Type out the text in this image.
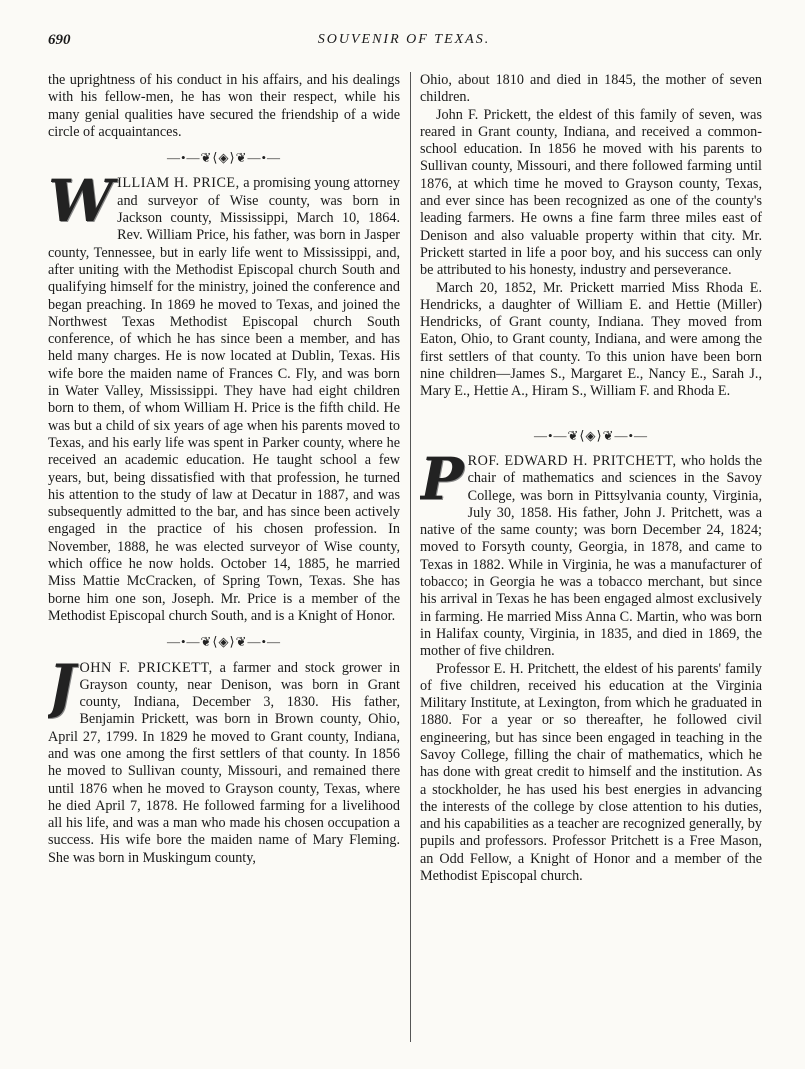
690	SOUVENIR OF TEXAS.

the uprightness of his conduct in his affairs, and his dealings with his fellow-men, he has won their respect, while his many genial qualities have secured the friendship of a wide circle of acquaintances.

—•—❦⟨◈⟩❦—•—
W ILLIAM H. PRICE, a promising young attorney and surveyor of Wise county, was born in Jackson county, Mississippi, March 10, 1864. Rev. William Price, his father, was born in Jasper county, Tennessee, but in early life went to Mississippi, and, after uniting with the Methodist Episcopal church South and qualifying himself for the ministry, joined the conference and began preaching. In 1869 he moved to Texas, and joined the Northwest Texas Methodist Episcopal church South conference, of which he has since been a member, and has held many charges. He is now located at Dublin, Texas. His wife bore the maiden name of Frances C. Fly, and was born in Water Valley, Mississippi. They have had eight children born to them, of whom William H. Price is the fifth child. He was but a child of six years of age when his parents moved to Texas, and his early life was spent in Parker county, where he received an academic education. He taught school a few years, but, being dissatisfied with that profession, he turned his attention to the study of law at Decatur in 1887, and was subsequently admitted to the bar, and has since been actively engaged in the practice of his chosen profession. In November, 1888, he was elected surveyor of Wise county, which office he now holds. October 14, 1885, he married Miss Mattie McCracken, of Spring Town, Texas. She has borne him one son, Joseph. Mr. Price is a member of the Methodist Episcopal church South, and is a Knight of Honor.

—•—❦⟨◈⟩❦—•—
J OHN F. PRICKETT, a farmer and stock grower in Grayson county, near Denison, was born in Grant county, Indiana, December 3, 1830. His father, Benjamin Prickett, was born in Brown county, Ohio, April 27, 1799. In 1829 he moved to Grant county, Indiana, and was one among the first settlers of that county. In 1856 he moved to Sullivan county, Missouri, and remained there until 1876 when he moved to Grayson county, Texas, where he died April 7, 1878. He followed farming for a livelihood all his life, and was a man who made his chosen occupation a success. His wife bore the maiden name of Mary Fleming. She was born in Muskingum county,

Ohio, about 1810 and died in 1845, the mother of seven children.

John F. Prickett, the eldest of this family of seven, was reared in Grant county, Indiana, and received a common-school education. In 1856 he moved with his parents to Sullivan county, Missouri, and there followed farming until 1876, at which time he moved to Grayson county, Texas, and ever since has been recognized as one of the county's leading farmers. He owns a fine farm three miles east of Denison and also valuable property within that city. Mr. Prickett started in life a poor boy, and his success can only be attributed to his honesty, industry and perseverance.

March 20, 1852, Mr. Prickett married Miss Rhoda E. Hendricks, a daughter of William E. and Hettie (Miller) Hendricks, of Grant county, Indiana. They moved from Eaton, Ohio, to Grant county, Indiana, and were among the first settlers of that county. To this union have been born nine children—James S., Margaret E., Nancy E., Sarah J., Mary E., Hettie A., Hiram S., William F. and Rhoda E.

—•—❦⟨◈⟩❦—•—
P ROF. EDWARD H. PRITCHETT, who holds the chair of mathematics and sciences in the Savoy College, was born in Pittsylvania county, Virginia, July 30, 1858. His father, John J. Pritchett, was a native of the same county; was born December 24, 1824; moved to Forsyth county, Georgia, in 1878, and came to Texas in 1882. While in Virginia, he was a manufacturer of tobacco; in Georgia he was a tobacco merchant, but since his arrival in Texas he has been engaged almost exclusively in farming. He married Miss Anna C. Martin, who was born in Halifax county, Virginia, in 1835, and died in 1869, the mother of five children.

Professor E. H. Pritchett, the eldest of his parents' family of five children, received his education at the Virginia Military Institute, at Lexington, from which he graduated in 1880. For a year or so thereafter, he followed civil engineering, but has since been engaged in teaching in the Savoy College, filling the chair of mathematics, which he has done with great credit to himself and the institution. As a stockholder, he has used his best energies in advancing the interests of the college by close attention to his duties, and his capabilities as a teacher are recognized generally, by pupils and professors. Professor Pritchett is a Free Mason, an Odd Fellow, a Knight of Honor and a member of the Methodist Episcopal church.
